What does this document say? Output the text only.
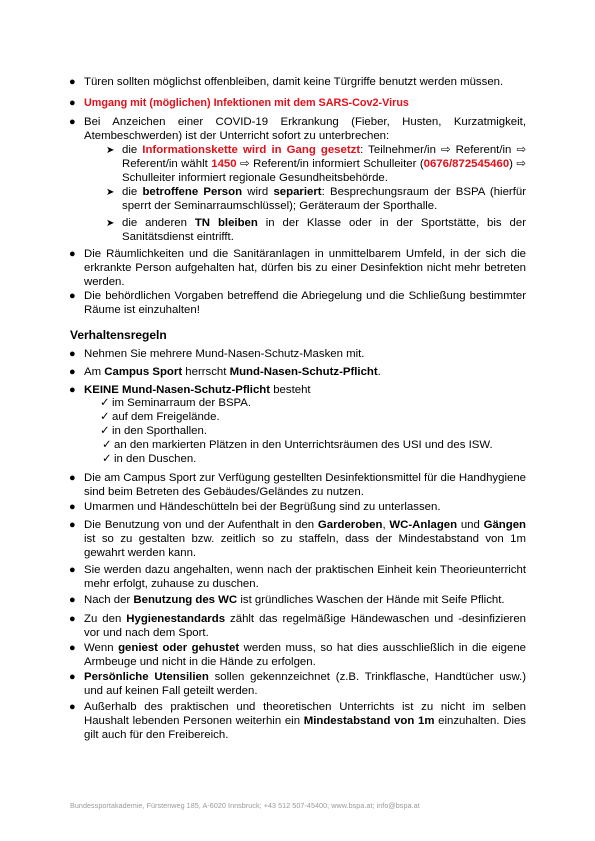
● Türen sollten möglichst offenbleiben, damit keine Türgriffe benutzt werden müssen.
● Umgang mit (möglichen) Infektionen mit dem SARS-Cov2-Virus
● Bei Anzeichen einer COVID-19 Erkrankung (Fieber, Husten, Kurzatmigkeit, Atembeschwerden) ist der Unterricht sofort zu unterbrechen:
➤ die Informationskette wird in Gang gesetzt: Teilnehmer/in ⇨ Referent/in ⇨ Referent/in wählt 1450 ⇨ Referent/in informiert Schulleiter (0676/872545460) ⇨ Schulleiter informiert regionale Gesundheitsbehörde.
➤ die betroffene Person wird separiert: Besprechungsraum der BSPA (hierfür sperrt der Seminarraumschlüssel); Geräteraum der Sporthalle.
➤ die anderen TN bleiben in der Klasse oder in der Sportstätte, bis der Sanitätsdienst eintrifft.
● Die Räumlichkeiten und die Sanitäranlagen in unmittelbarem Umfeld, in der sich die erkrankte Person aufgehalten hat, dürfen bis zu einer Desinfektion nicht mehr betreten werden.
● Die behördlichen Vorgaben betreffend die Abriegelung und die Schließung bestimmter Räume ist einzuhalten!
Verhaltensregeln
● Nehmen Sie mehrere Mund-Nasen-Schutz-Masken mit.
● Am Campus Sport herrscht Mund-Nasen-Schutz-Pflicht.
● KEINE Mund-Nasen-Schutz-Pflicht besteht
✓ im Seminarraum der BSPA.
✓ auf dem Freigelände.
✓ in den Sporthallen.
✓ an den markierten Plätzen in den Unterrichtsräumen des USI und des ISW.
✓ in den Duschen.
● Die am Campus Sport zur Verfügung gestellten Desinfektionsmittel für die Handhygiene sind beim Betreten des Gebäudes/Geländes zu nutzen.
● Umarmen und Händeschütteln bei der Begrüßung sind zu unterlassen.
● Die Benutzung von und der Aufenthalt in den Garderoben, WC-Anlagen und Gängen ist so zu gestalten bzw. zeitlich so zu staffeln, dass der Mindestabstand von 1m gewahrt werden kann.
● Sie werden dazu angehalten, wenn nach der praktischen Einheit kein Theorieunterricht mehr erfolgt, zuhause zu duschen.
● Nach der Benutzung des WC ist gründliches Waschen der Hände mit Seife Pflicht.
● Zu den Hygienestandards zählt das regelmäßige Händewaschen und -desinfizieren vor und nach dem Sport.
● Wenn geniest oder gehustet werden muss, so hat dies ausschließlich in die eigene Armbeuge und nicht in die Hände zu erfolgen.
● Persönliche Utensilien sollen gekennzeichnet (z.B. Trinkflasche, Handtücher usw.) und auf keinen Fall geteilt werden.
● Außerhalb des praktischen und theoretischen Unterrichts ist zu nicht im selben Haushalt lebenden Personen weiterhin ein Mindestabstand von 1m einzuhalten. Dies gilt auch für den Freibereich.
Bundessportakademie, Fürstenweg 185, A-6020 Innsbruck; +43 512 507-45400; www.bspa.at; info@bspa.at
